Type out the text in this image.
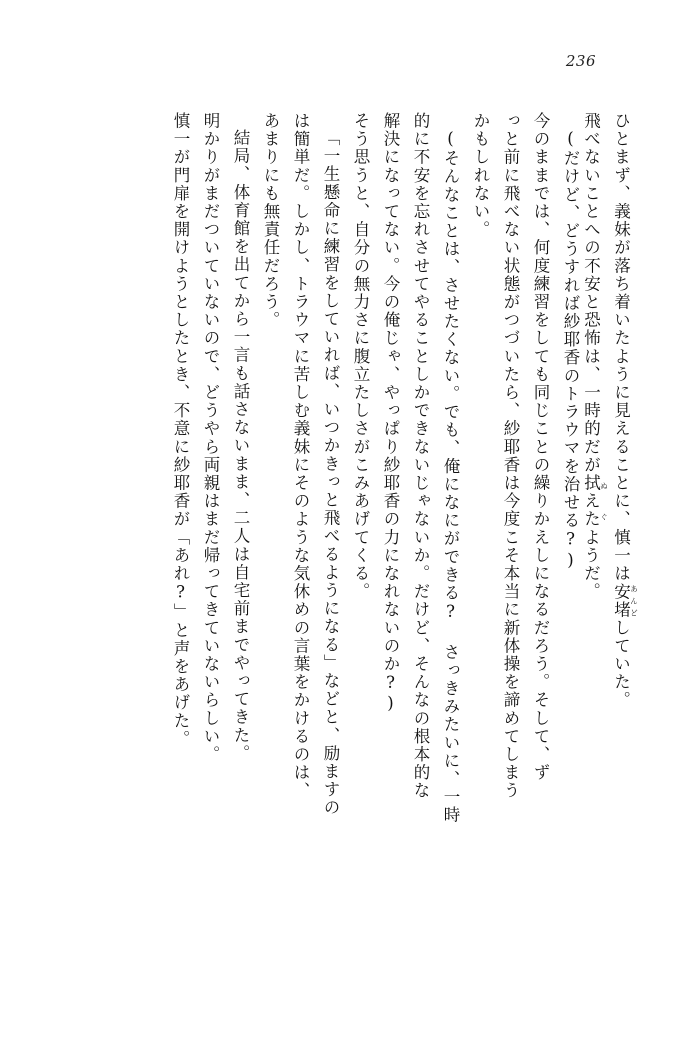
236
ひとまず、義妹が落ち着いたように見えることに、慎一は安堵 あんどしていた。
飛べないことへの不安と恐怖は、一時的だが拭えた ぬぐようだ。
(だけど、どうすれば紗耶香のトラウマを治せる?)
今のままでは、何度練習をしても同じことの繰りかえしになるだろう。そして、ず
っと前に飛べない状態がつづいたら、紗耶香は今度こそ本当に新体操を諦めてしまう
かもしれない。
(そんなことは、させたくない。でも、俺になにができる? さっきみたいに、一時
的に不安を忘れさせてやることしかできないじゃないか。だけど、そんなの根本的な
解決になってない。今の俺じゃ、やっぱり紗耶香の力になれないのか?)
そう思うと、自分の無力さに腹立たしさがこみあげてくる。
「一生懸命に練習をしていれば、いつかきっと飛べるようになる」などと、励ますの
は簡単だ。しかし、トラウマに苦しむ義妹にそのような気休めの言葉をかけるのは、
あまりにも無責任だろう。
結局、体育館を出てから一言も話さないまま、二人は自宅前までやってきた。
明かりがまだついていないので、どうやら両親はまだ帰ってきていないらしい。
慎一が門扉を開けようとしたとき、不意に紗耶香が「あれ?」と声をあげた。
